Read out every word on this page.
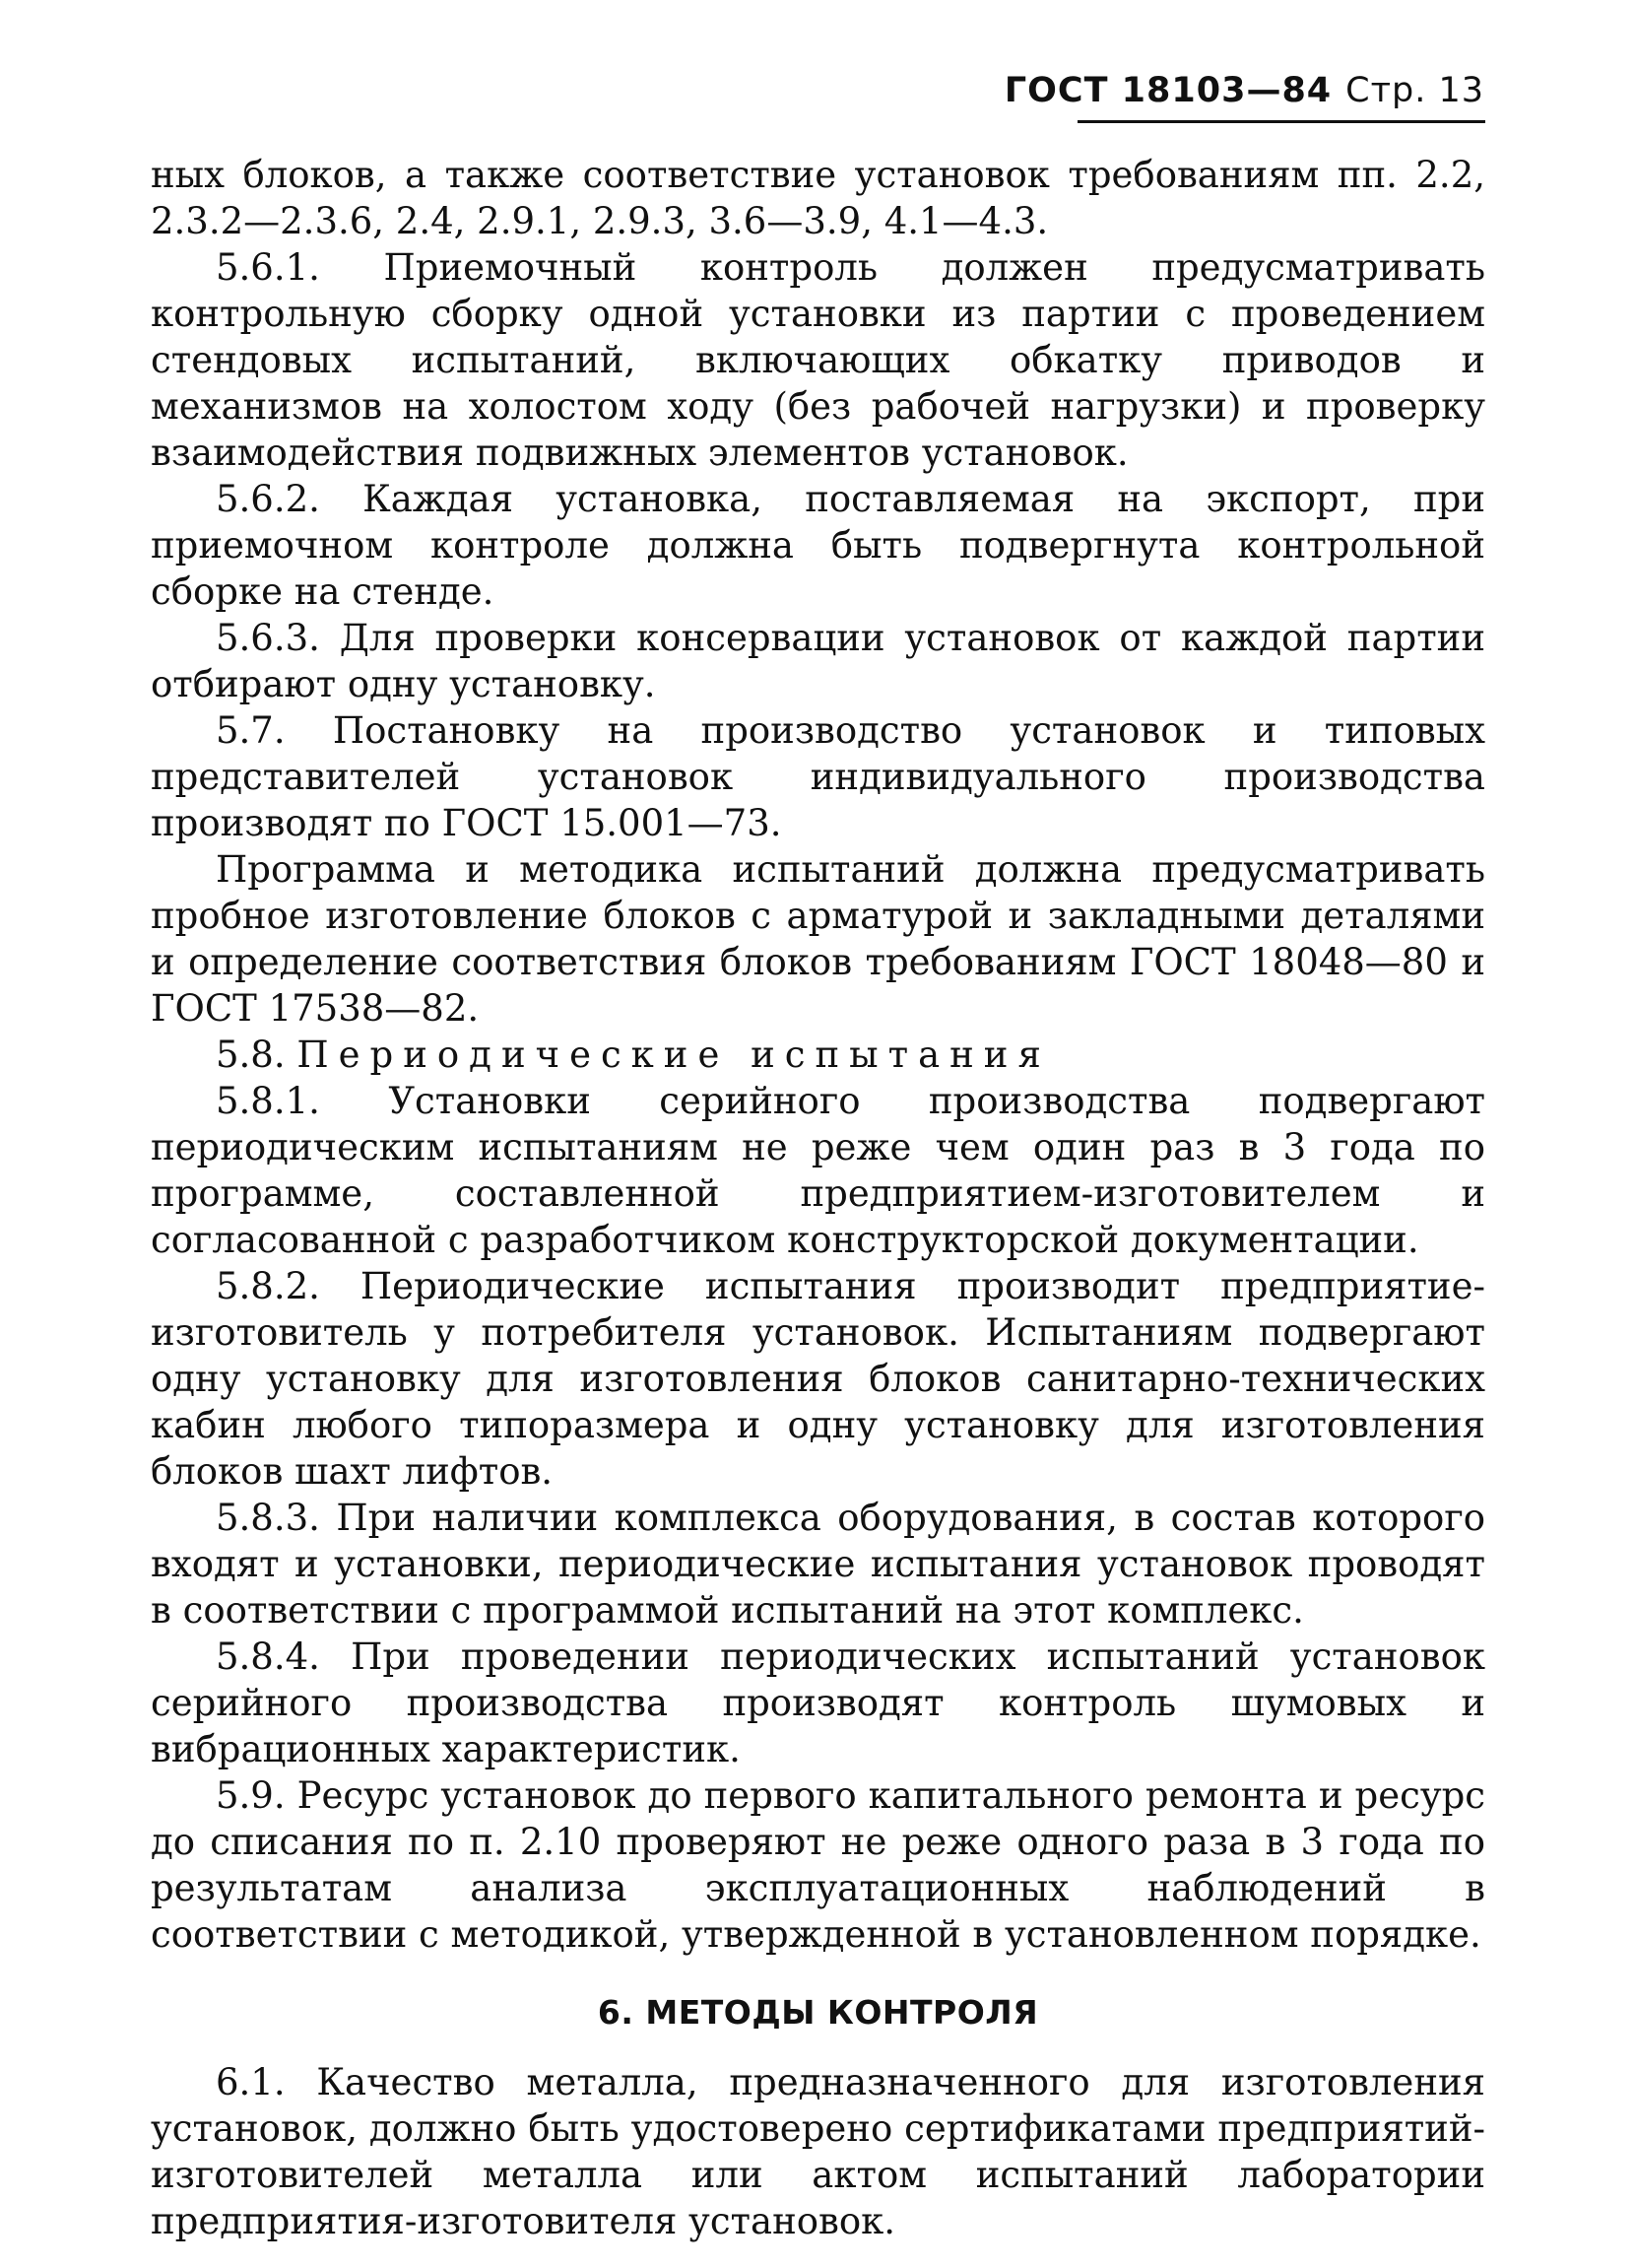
ГОСТ 18103—84 Стр. 13

ных блоков, а также соответствие установок требованиям пп. 2.2, 2.3.2—2.3.6, 2.4, 2.9.1, 2.9.3, 3.6—3.9, 4.1—4.3.

5.6.1. Приемочный контроль должен предусматривать контрольную сборку одной установки из партии с проведением стендовых испытаний, включающих обкатку приводов и механизмов на холостом ходу (без рабочей нагрузки) и проверку взаимодействия подвижных элементов установок.

5.6.2. Каждая установка, поставляемая на экспорт, при приемочном контроле должна быть подвергнута контрольной сборке на стенде.

5.6.3. Для проверки консервации установок от каждой партии отбирают одну установку.

5.7. Постановку на производство установок и типовых представителей установок индивидуального производства производят по ГОСТ 15.001—73.

Программа и методика испытаний должна предусматривать пробное изготовление блоков с арматурой и закладными деталями и определение соответствия блоков требованиям ГОСТ 18048—80 и ГОСТ 17538—82.

5.8. Периодические испытания

5.8.1. Установки серийного производства подвергают периодическим испытаниям не реже чем один раз в 3 года по программе, составленной предприятием-изготовителем и согласованной с разработчиком конструкторской документации.

5.8.2. Периодические испытания производит предприятие-изготовитель у потребителя установок. Испытаниям подвергают одну установку для изготовления блоков санитарно-технических кабин любого типоразмера и одну установку для изготовления блоков шахт лифтов.

5.8.3. При наличии комплекса оборудования, в состав которого входят и установки, периодические испытания установок проводят в соответствии с программой испытаний на этот комплекс.

5.8.4. При проведении периодических испытаний установок серийного производства производят контроль шумовых и вибрационных характеристик.

5.9. Ресурс установок до первого капитального ремонта и ресурс до списания по п. 2.10 проверяют не реже одного раза в 3 года по результатам анализа эксплуатационных наблюдений в соответствии с методикой, утвержденной в установленном порядке.

6. МЕТОДЫ КОНТРОЛЯ

6.1. Качество металла, предназначенного для изготовления установок, должно быть удостоверено сертификатами предприятий-изготовителей металла или актом испытаний лаборатории предприятия-изготовителя установок.
